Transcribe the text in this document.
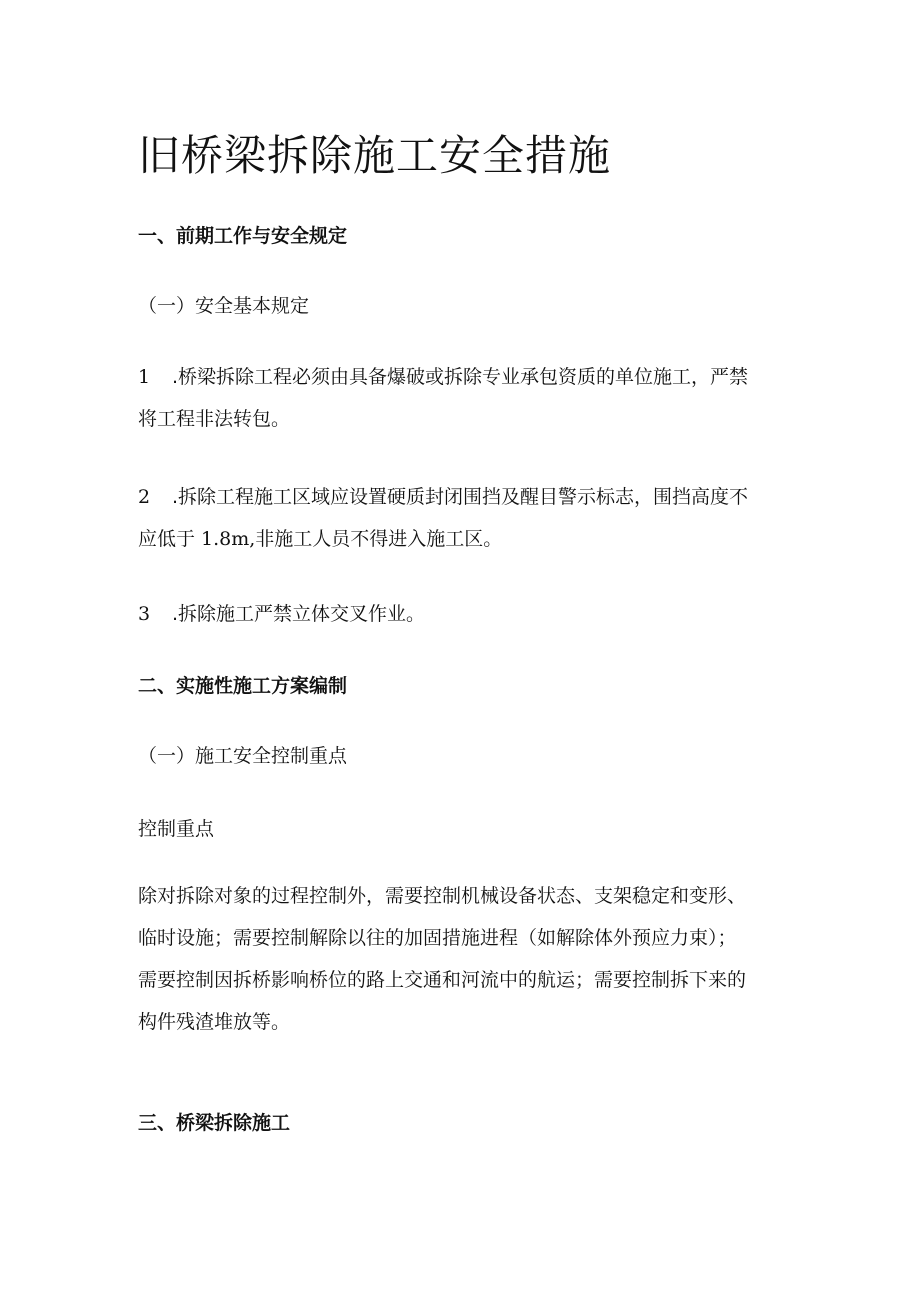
旧桥梁拆除施工安全措施
一、前期工作与安全规定
（一）安全基本规定
1 .桥梁拆除工程必须由具备爆破或拆除专业承包资质的单位施工，严禁
将工程非法转包。
2 .拆除工程施工区域应设置硬质封闭围挡及醒目警示标志，围挡高度不
应低于 1.8m,非施工人员不得进入施工区。
3 .拆除施工严禁立体交叉作业。
二、实施性施工方案编制
（一）施工安全控制重点
控制重点
除对拆除对象的过程控制外，需要控制机械设备状态、支架稳定和变形、
临时设施；需要控制解除以往的加固措施进程（如解除体外预应力束）；
需要控制因拆桥影响桥位的路上交通和河流中的航运；需要控制拆下来的
构件残渣堆放等。
三、桥梁拆除施工
